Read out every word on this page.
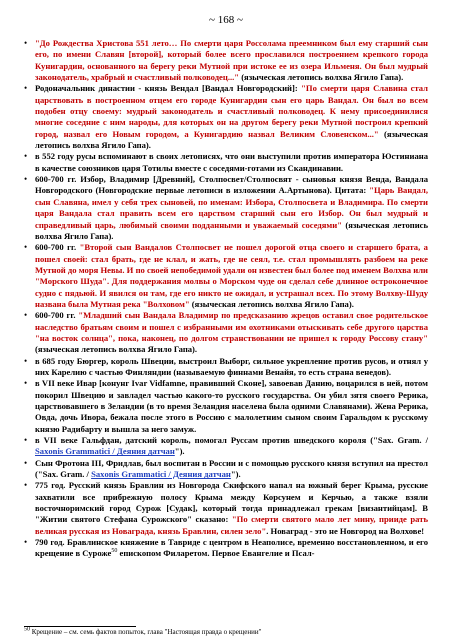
~ 168 ~
• "До Рождества Христова 551 лето… По смерти царя Россолама преемником был ему старший сын его, по имени Славян [второй], который более всего прославился построением крепкого города Кунигардин, основанного на берегу реки Мутной при истоке ее из озера Ильменя. Он был мудрый законодатель, храбрый и счастливый полководец..." (языческая летопись волхва Ягило Гапа).
• Родоначальник династии - князь Вендал [Вандал Новгородский]: "По смерти царя Славина стал царствовать в построенном отцем его городе Кунигардин сын его царь Вандал. Он был во всем подобен отцу своему: мудрый законодатель и счастливый полководец. К нему присоединилися многие соседние с ним народы, для которых он на другом берегу реки Мутной построил крепкий город, назвал его Новым городом, а Кунигардию назвал Великим Словенском..." (языческая летопись волхва Ягило Гапа).
• в 552 году русы вспоминают в своих летописях, что они выступили против императора Юстиниана в качестве союзников царя Тотилы вместе с соседями-готами из Скандинавии.
• 600-700 гг. Избор, Владимир [Древний], Столпосвет/Столпосвят - сыновья князя Венда, Вандала Новгородского (Новгородские первые летописи в изложении А.Артынова). Цитата: "Царь Вандал, сын Славяна, имел у себя трех сыновей, по именам: Избора, Столпосвета и Владимира. По смерти царя Вандала стал править всем его царством старший сын его Избор. Он был мудрый и справедливый царь, любимый своими подданными и уважаемый соседями" (языческая летопись волхва Ягило Гапа).
• 600-700 гг. "Второй сын Вандалов Столпосвет не пошел дорогой отца своего и старшего брата, а пошел своей: стал брать, где не клал, и жать, где не сеял, т.е. стал промышлять разбоем на реке Мутной до моря Невы. И по своей непобедимой удали он известен был более под именем Волхва или "Морского Шуда". Для поддержания молвы о Морском чуде он сделал себе длинное остроконечное судно с пядьюй. И явился он там, где его никто не ожидал, и устрашал всех. По этому Волхву-Шуду названа была Мутная река "Волховом" (языческая летопись волхва Ягило Гапа).
• 600-700 гг. "Младший сын Вандала Владимир по предсказанию жрецов оставил свое родительское наследство братьям своим и пошел с избранными им охотниками отыскивать себе другого царства "на восток солнца", пока, наконец, по долгом странствовании не пришел к городу Россову стану" (языческая летопись волхва Ягило Гапа).
• в 685 году Бюргер, король Швеции, выстроил Выборг, сильное укрепление против русов, и отнял у них Карелию с частью Финляндии (называемую финнами Венайя, то есть страна венедов).
• в VII веке Ивар [конунг Ivar Vidfamne, правивший Сконе], завоевав Данию, воцарился в ней, потом покорил Швецию и завладел частью какого-то русского государства. Он убил зятя своего Рерика, царствовавшего в Зеландии (в то время Зеландия населена была одними Славянами). Жена Рерика, Овда, дочь Ивора, бежала после этого в Россию с малолетним сыном своим Гаральдом к русскому князю Радибарту и вышла за него замуж.
• в VII веке Гальфдан, датский король, помогал Руссам против шведского короля ("Sax. Gram. / Saxonis Grammatici / Деяния датчан").
• Сын Фротона III, Фридлав, был воспитан в России и с помощью русского князя вступил на престол ("Sax. Gram. / Saxonis Grammatici / Деяния датчан").
• 775 год. Русский князь Бравлин из Новгорода Скифского напал на южный берег Крыма, русские захватили все прибрежную полосу Крыма между Корсунем и Керчью, а также взяли восточноримский город Сурож [Судак], который тогда принадлежал грекам [византийцам]. В "Житии святого Стефана Сурожского" сказано: "По смерти святого мало лет мину, прииде рать великая русская из Новаграда, князь Бравлин, силен зело". Новаград - это не Новгород на Волхове!
• 790 год. Бравлинское княжение в Тавриде с центром в Неаполисе, временно восстановленном, и его крещение в Суроже$^{50}$ епископом Филаретом. Первое Евангелие и Псал-
$^{50}$ Крещение – см. семь фактов попыток, глава "Настоящая правда о крещении"
